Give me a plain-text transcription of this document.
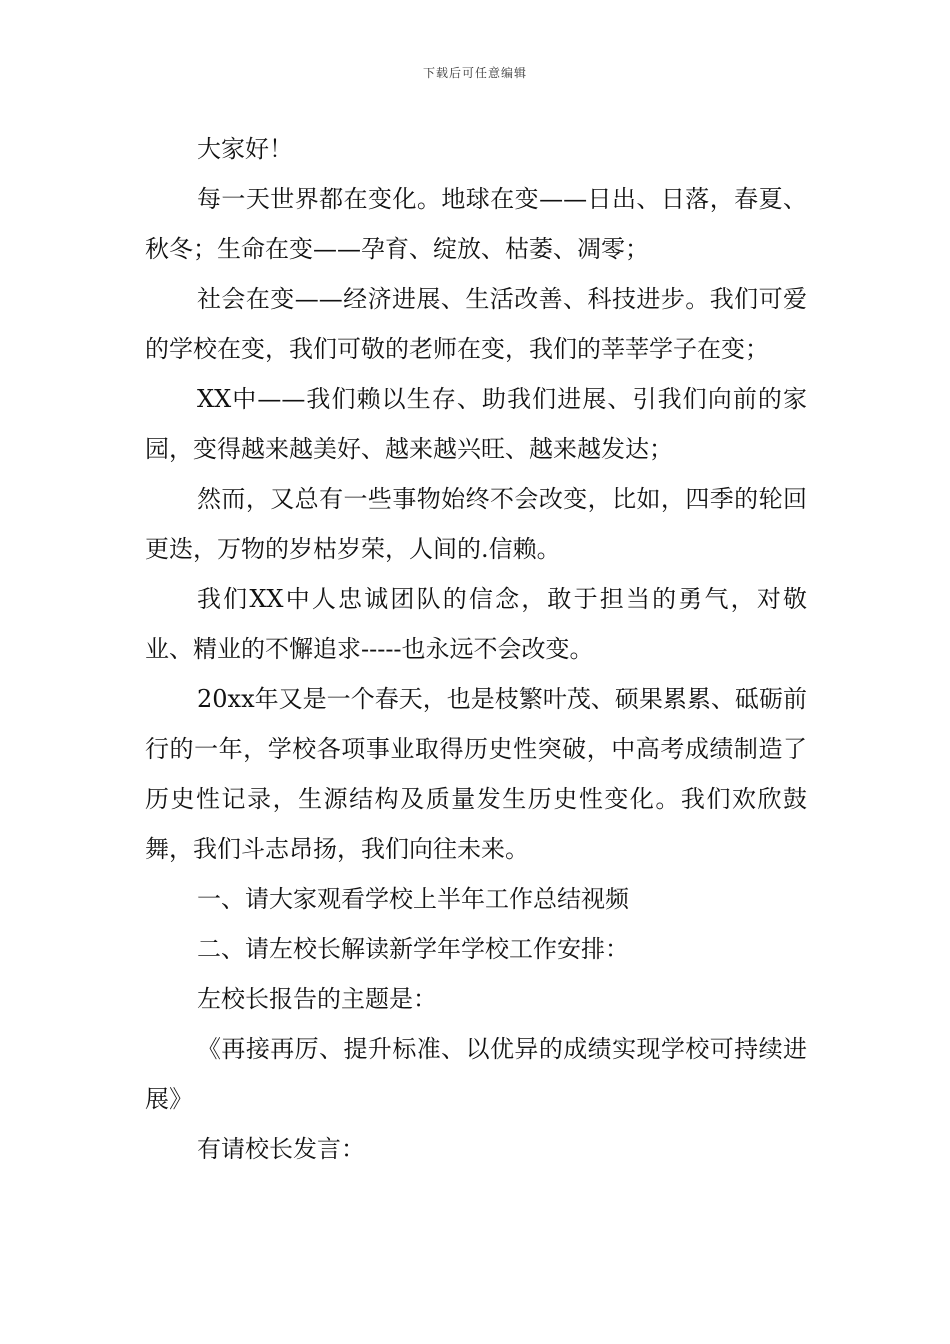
下载后可任意编辑

大家好！

每一天世界都在变化。地球在变——日出、日落，春夏、秋冬；生命在变——孕育、绽放、枯萎、凋零；

社会在变——经济进展、生活改善、科技进步。我们可爱的学校在变，我们可敬的老师在变，我们的莘莘学子在变；

XX中——我们赖以生存、助我们进展、引我们向前的家园，变得越来越美好、越来越兴旺、越来越发达；

然而，又总有一些事物始终不会改变，比如，四季的轮回更迭，万物的岁枯岁荣，人间的.信赖。

我们XX中人忠诚团队的信念，敢于担当的勇气，对敬业、精业的不懈追求-----也永远不会改变。

20xx年又是一个春天，也是枝繁叶茂、硕果累累、砥砺前行的一年，学校各项事业取得历史性突破，中高考成绩制造了历史性记录，生源结构及质量发生历史性变化。我们欢欣鼓舞，我们斗志昂扬，我们向往未来。

一、请大家观看学校上半年工作总结视频

二、请左校长解读新学年学校工作安排：

左校长报告的主题是：

《再接再厉、提升标准、以优异的成绩实现学校可持续进展》

有请校长发言：
